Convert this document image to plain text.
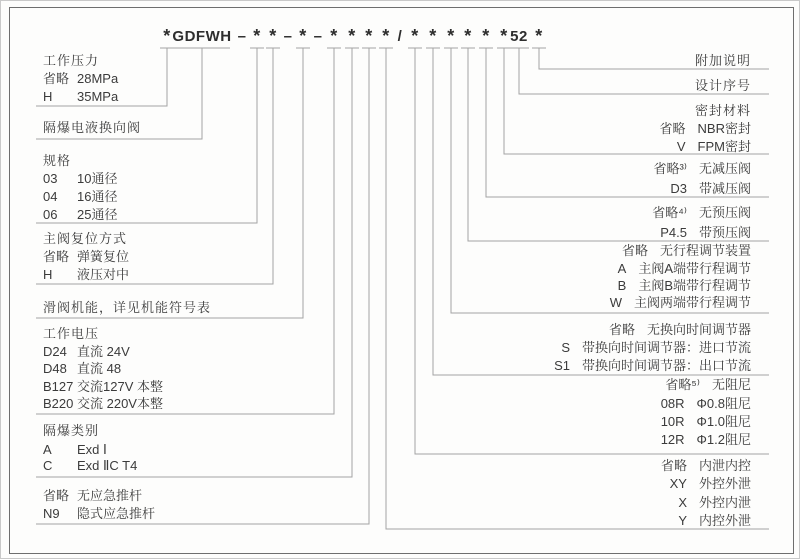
* GDFWH – * * – * – * * * * / * * * * * * 52 *
工作压力
省略 28MPa
H 35MPa
隔爆电液换向阀
规格
03 10通径
04 16通径
06 25通径
主阀复位方式
省略 弹簧复位
H 液压对中
滑阀机能，详见机能符号表
工作电压
D24 直流 24V
D48 直流 48
B127 交流127V 本整
B220 交流 220V本整
隔爆类别
A Exd Ⅰ
C Exd ⅡC T4
省略 无应急推杆
N9 隐式应急推杆
附加说明
设计序号
密封材料
省略 NBR密封
V FPM密封
省略³⁾ 无减压阀
D3 带减压阀
省略⁴⁾ 无预压阀
P4.5 带预压阀
省略 无行程调节装置
A 主阀A端带行程调节
B 主阀B端带行程调节
W 主阀两端带行程调节
省略 无换向时间调节器
S 带换向时间调节器：进口节流
S1 带换向时间调节器：出口节流
省略⁵⁾ 无阻尼
08R Φ0.8阻尼
10R Φ1.0阻尼
12R Φ1.2阻尼
省略 内泄内控
XY 外控外泄
X 外控内泄
Y 内控外泄
